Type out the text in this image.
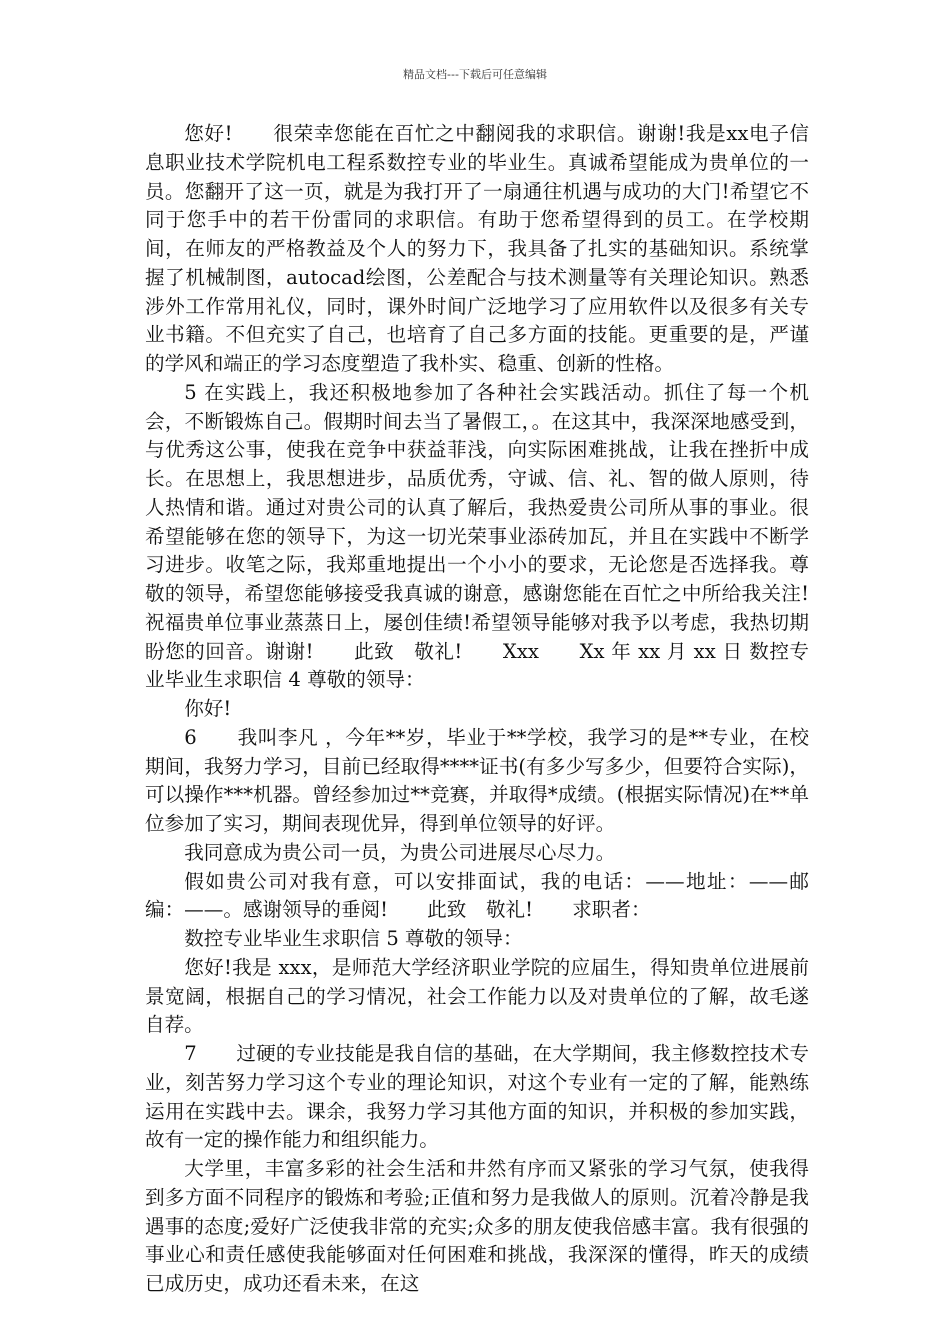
精品文档---下载后可任意编辑

您好!　　很荣幸您能在百忙之中翻阅我的求职信。谢谢!我是xx电子信息职业技术学院机电工程系数控专业的毕业生。真诚希望能成为贵单位的一员。您翻开了这一页，就是为我打开了一扇通往机遇与成功的大门!希望它不同于您手中的若干份雷同的求职信。有助于您希望得到的员工。在学校期间，在师友的严格教益及个人的努力下，我具备了扎实的基础知识。系统掌握了机械制图，autocad绘图，公差配合与技术测量等有关理论知识。熟悉涉外工作常用礼仪，同时，课外时间广泛地学习了应用软件以及很多有关专业书籍。不但充实了自己，也培育了自己多方面的技能。更重要的是，严谨的学风和端正的学习态度塑造了我朴实、稳重、创新的性格。

5 在实践上，我还积极地参加了各种社会实践活动。抓住了每一个机会，不断锻炼自己。假期时间去当了暑假工，。在这其中，我深深地感受到，与优秀这公事，使我在竞争中获益菲浅，向实际困难挑战，让我在挫折中成长。在思想上，我思想进步，品质优秀，守诚、信、礼、智的做人原则，待人热情和谐。通过对贵公司的认真了解后，我热爱贵公司所从事的事业。很希望能够在您的领导下，为这一切光荣事业添砖加瓦，并且在实践中不断学习进步。收笔之际，我郑重地提出一个小小的要求，无论您是否选择我。尊敬的领导，希望您能够接受我真诚的谢意，感谢您能在百忙之中所给我关注!祝福贵单位事业蒸蒸日上，屡创佳绩!希望领导能够对我予以考虑，我热切期盼您的回音。谢谢!　　此致　敬礼!　　Xxx　　Xx 年 xx 月 xx 日 数控专业毕业生求职信 4 尊敬的领导：

你好!

6　　我叫李凡 ，今年**岁，毕业于**学校，我学习的是**专业，在校期间，我努力学习，目前已经取得****证书(有多少写多少，但要符合实际)，可以操作***机器。曾经参加过**竞赛，并取得*成绩。(根据实际情况)在**单位参加了实习，期间表现优异，得到单位领导的好评。

我同意成为贵公司一员，为贵公司进展尽心尽力。

假如贵公司对我有意，可以安排面试，我的电话：——地址：——邮编：——。感谢领导的垂阅!　　此致　敬礼!　　求职者：

数控专业毕业生求职信 5 尊敬的领导：

您好!我是 xxx，是师范大学经济职业学院的应届生，得知贵单位进展前景宽阔，根据自己的学习情况，社会工作能力以及对贵单位的了解，故毛遂自荐。

7　　过硬的专业技能是我自信的基础，在大学期间，我主修数控技术专业，刻苦努力学习这个专业的理论知识，对这个专业有一定的了解，能熟练运用在实践中去。课余，我努力学习其他方面的知识，并积极的参加实践，故有一定的操作能力和组织能力。

大学里，丰富多彩的社会生活和井然有序而又紧张的学习气氛，使我得到多方面不同程序的锻炼和考验;正值和努力是我做人的原则。沉着冷静是我遇事的态度;爱好广泛使我非常的充实;众多的朋友使我倍感丰富。我有很强的事业心和责任感使我能够面对任何困难和挑战，我深深的懂得，昨天的成绩已成历史，成功还看未来，在这
